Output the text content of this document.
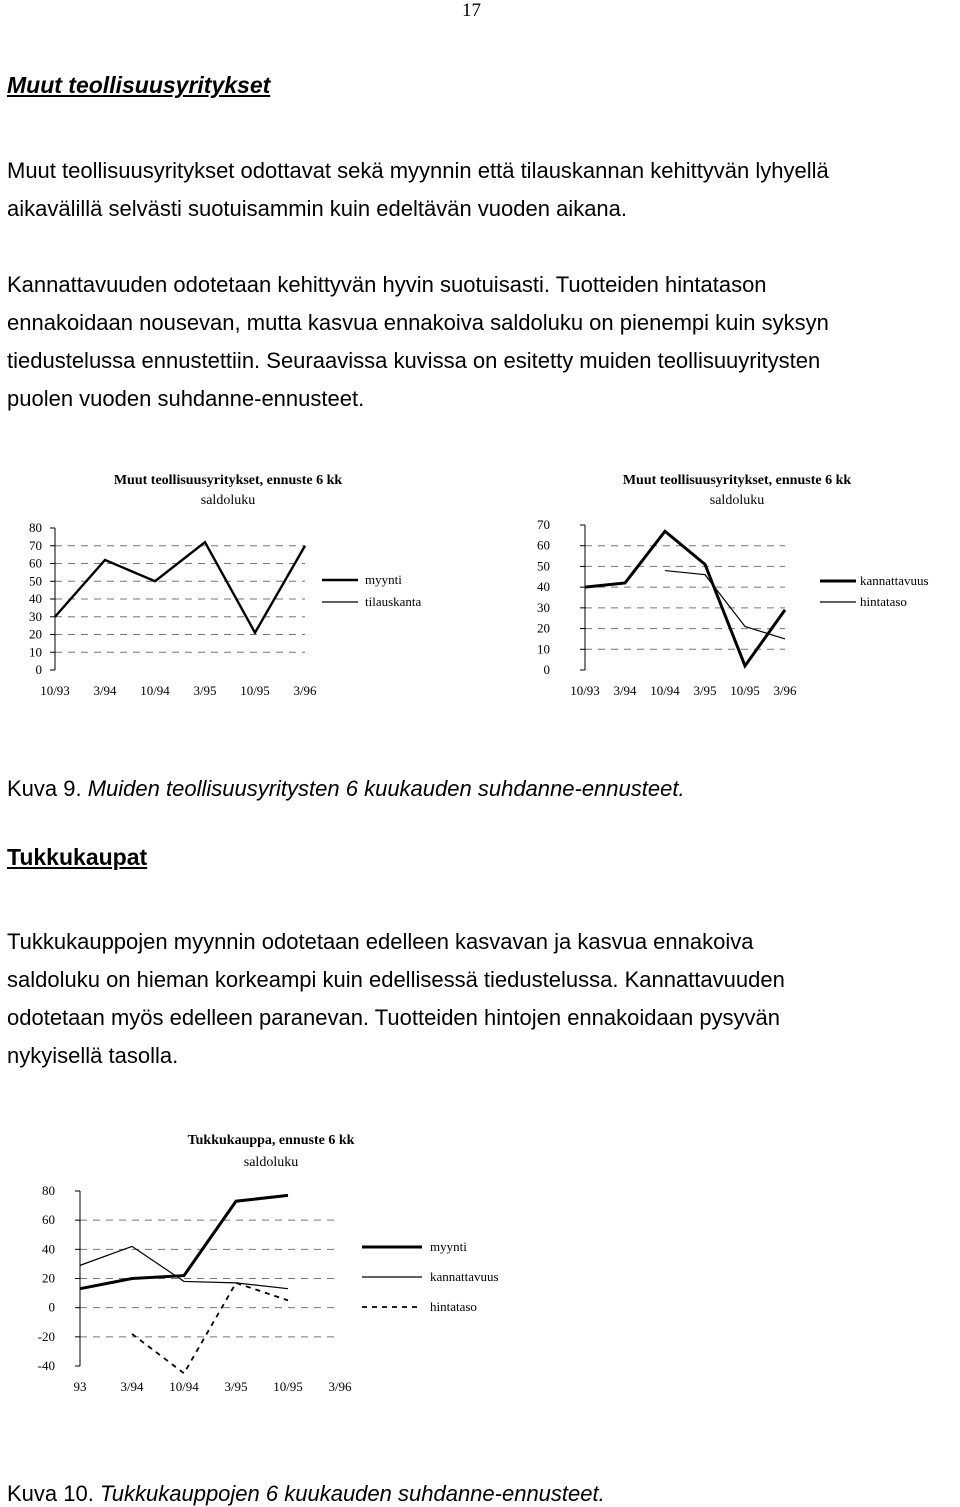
17
Muut teollisuusyritykset
Muut teollisuusyritykset odottavat sekä myynnin että tilauskannan kehittyvän lyhyellä
aikavälillä selvästi suotuisammin kuin edeltävän vuoden aikana.
Kannattavuuden odotetaan kehittyvän hyvin suotuisasti. Tuotteiden hintatason
ennakoidaan nousevan, mutta kasvua ennakoiva saldoluku on pienempi kuin syksyn
tiedustelussa ennustettiin. Seuraavissa kuvissa on esitetty muiden teollisuuyritysten
puolen vuoden suhdanne-ennusteet.
Muut teollisuusyritykset, ennuste 6 kk
saldoluku
0
10
20
30
40
50
60
70
80
10/93 3/94 10/94 3/95 10/95 3/96
myynti
tilauskanta
Muut teollisuusyritykset, ennuste 6 kk
saldoluku
0
10
20
30
40
50
60
70
10/93 3/94 10/94 3/95 10/95 3/96
kannattavuus
hintataso
Kuva 9. Muiden teollisuusyritysten 6 kuukauden suhdanne-ennusteet.
Tukkukaupat
Tukkukauppojen myynnin odotetaan edelleen kasvavan ja kasvua ennakoiva
saldoluku on hieman korkeampi kuin edellisessä tiedustelussa. Kannattavuuden
odotetaan myös edelleen paranevan. Tuotteiden hintojen ennakoidaan pysyvän
nykyisellä tasolla.
Tukkukauppa, ennuste 6 kk
saldoluku
-40
-20
0
20
40
60
80
93	3/94 10/94 3/95 10/95 3/96
myynti
kannattavuus
hintataso
Kuva 10. Tukkukauppojen 6 kuukauden suhdanne-ennusteet.
